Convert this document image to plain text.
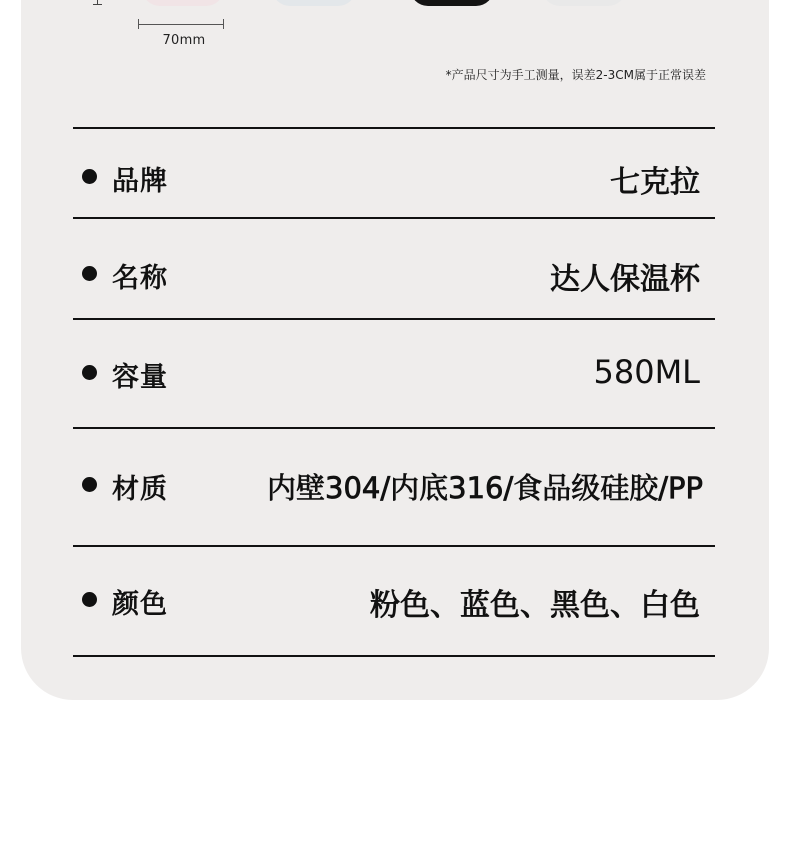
70mm
*产品尺寸为手工测量，误差2-3CM属于正常误差
品牌	七克拉
名称	达人保温杯
容量	580ML
材质	内壁304/内底316/食品级硅胶/PP
颜色	粉色、蓝色、黑色、白色
